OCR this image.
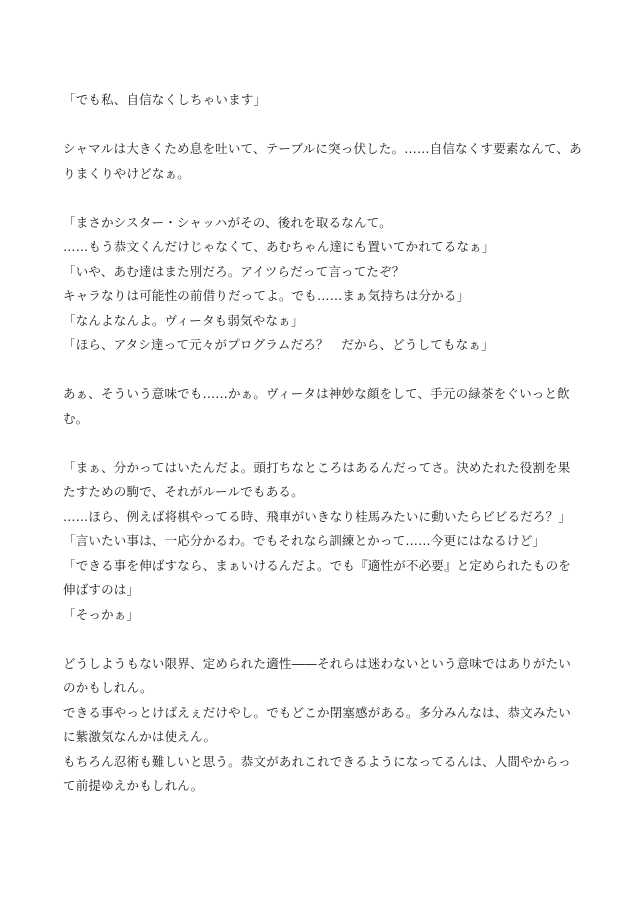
「でも私、自信なくしちゃいます」

シャマルは大きくため息を吐いて、テーブルに突っ伏した。……自信なくす要素なんて、ありまくりやけどなぁ。

「まさかシスター・シャッハがその、後れを取るなんて。

……もう恭文くんだけじゃなくて、あむちゃん達にも置いてかれてるなぁ」

「いや、あむ達はまた別だろ。アイツらだって言ってたぞ？

キャラなりは可能性の前借りだってよ。でも……まぁ気持ちは分かる」

「なんよなんよ。ヴィータも弱気やなぁ」

「ほら、アタシ達って元々がプログラムだろ？　だから、どうしてもなぁ」

あぁ、そういう意味でも……かぁ。ヴィータは神妙な顔をして、手元の緑茶をぐいっと飲む。

「まぁ、分かってはいたんだよ。頭打ちなところはあるんだってさ。決めたれた役割を果たすための駒で、それがルールでもある。

……ほら、例えば将棋やってる時、飛車がいきなり桂馬みたいに動いたらビビるだろ？」

「言いたい事は、一応分かるわ。でもそれなら訓練とかって……今更にはなるけど」

「できる事を伸ばすなら、まぁいけるんだよ。でも『適性が不必要』と定められたものを伸ばすのは」

「そっかぁ」

どうしようもない限界、定められた適性――それらは迷わないという意味ではありがたいのかもしれん。

できる事やっとけばえぇだけやし。でもどこか閉塞感がある。多分みんなは、恭文みたいに紫激気なんかは使えん。

もちろん忍術も難しいと思う。恭文があれこれできるようになってるんは、人間やからって前提ゆえかもしれん。
